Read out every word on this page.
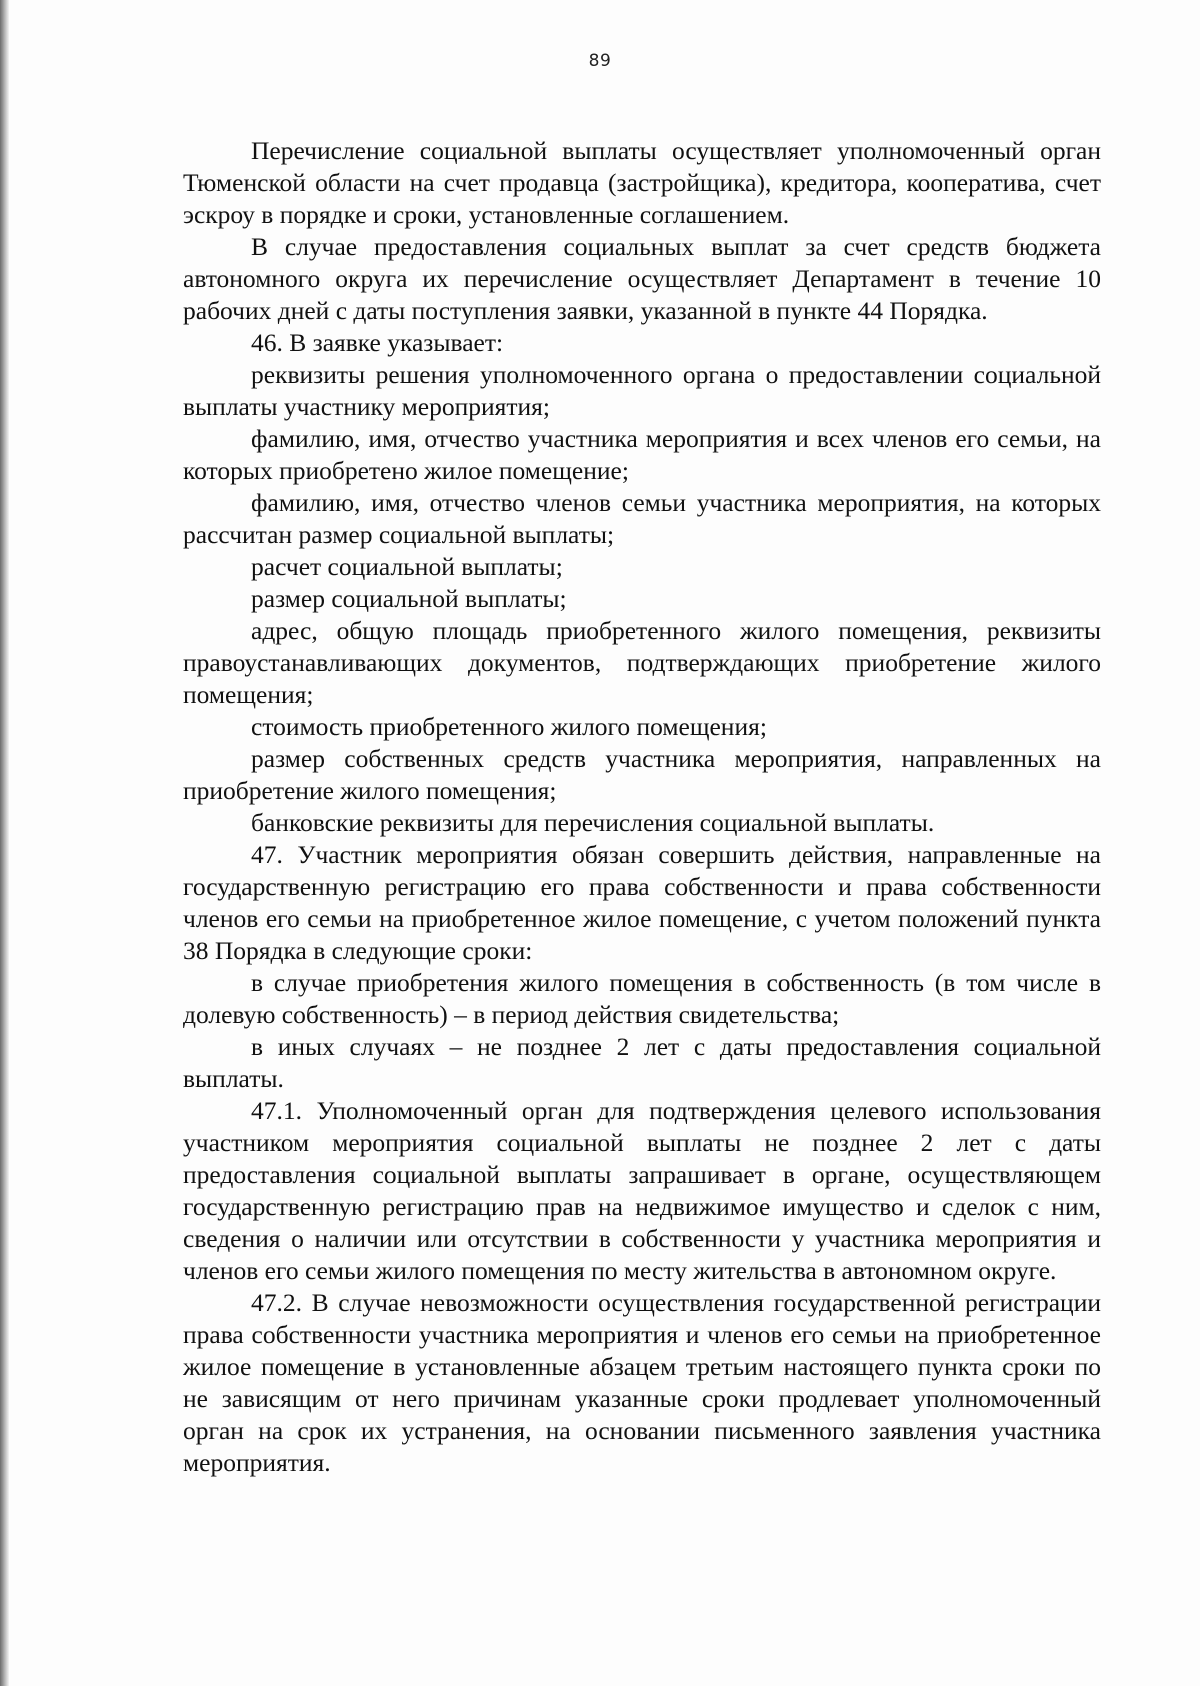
89

Перечисление социальной выплаты осуществляет уполномоченный орган Тюменской области на счет продавца (застройщика), кредитора, кооператива, счет эскроу в порядке и сроки, установленные соглашением.

В случае предоставления социальных выплат за счет средств бюджета автономного округа их перечисление осуществляет Департамент в течение 10 рабочих дней с даты поступления заявки, указанной в пункте 44 Порядка.

46. В заявке указывает:

реквизиты решения уполномоченного органа о предоставлении социальной выплаты участнику мероприятия;

фамилию, имя, отчество участника мероприятия и всех членов его семьи, на которых приобретено жилое помещение;

фамилию, имя, отчество членов семьи участника мероприятия, на которых рассчитан размер социальной выплаты;

расчет социальной выплаты;

размер социальной выплаты;

адрес, общую площадь приобретенного жилого помещения, реквизиты правоустанавливающих документов, подтверждающих приобретение жилого помещения;

стоимость приобретенного жилого помещения;

размер собственных средств участника мероприятия, направленных на приобретение жилого помещения;

банковские реквизиты для перечисления социальной выплаты.

47. Участник мероприятия обязан совершить действия, направленные на государственную регистрацию его права собственности и права собственности членов его семьи на приобретенное жилое помещение, с учетом положений пункта 38 Порядка в следующие сроки:

в случае приобретения жилого помещения в собственность (в том числе в долевую собственность) – в период действия свидетельства;

в иных случаях – не позднее 2 лет с даты предоставления социальной выплаты.

47.1. Уполномоченный орган для подтверждения целевого использования участником мероприятия социальной выплаты не позднее 2 лет с даты предоставления социальной выплаты запрашивает в органе, осуществляющем государственную регистрацию прав на недвижимое имущество и сделок с ним, сведения о наличии или отсутствии в собственности у участника мероприятия и членов его семьи жилого помещения по месту жительства в автономном округе.

47.2. В случае невозможности осуществления государственной регистрации права собственности участника мероприятия и членов его семьи на приобретенное жилое помещение в установленные абзацем третьим настоящего пункта сроки по не зависящим от него причинам указанные сроки продлевает уполномоченный орган на срок их устранения, на основании письменного заявления участника мероприятия.
